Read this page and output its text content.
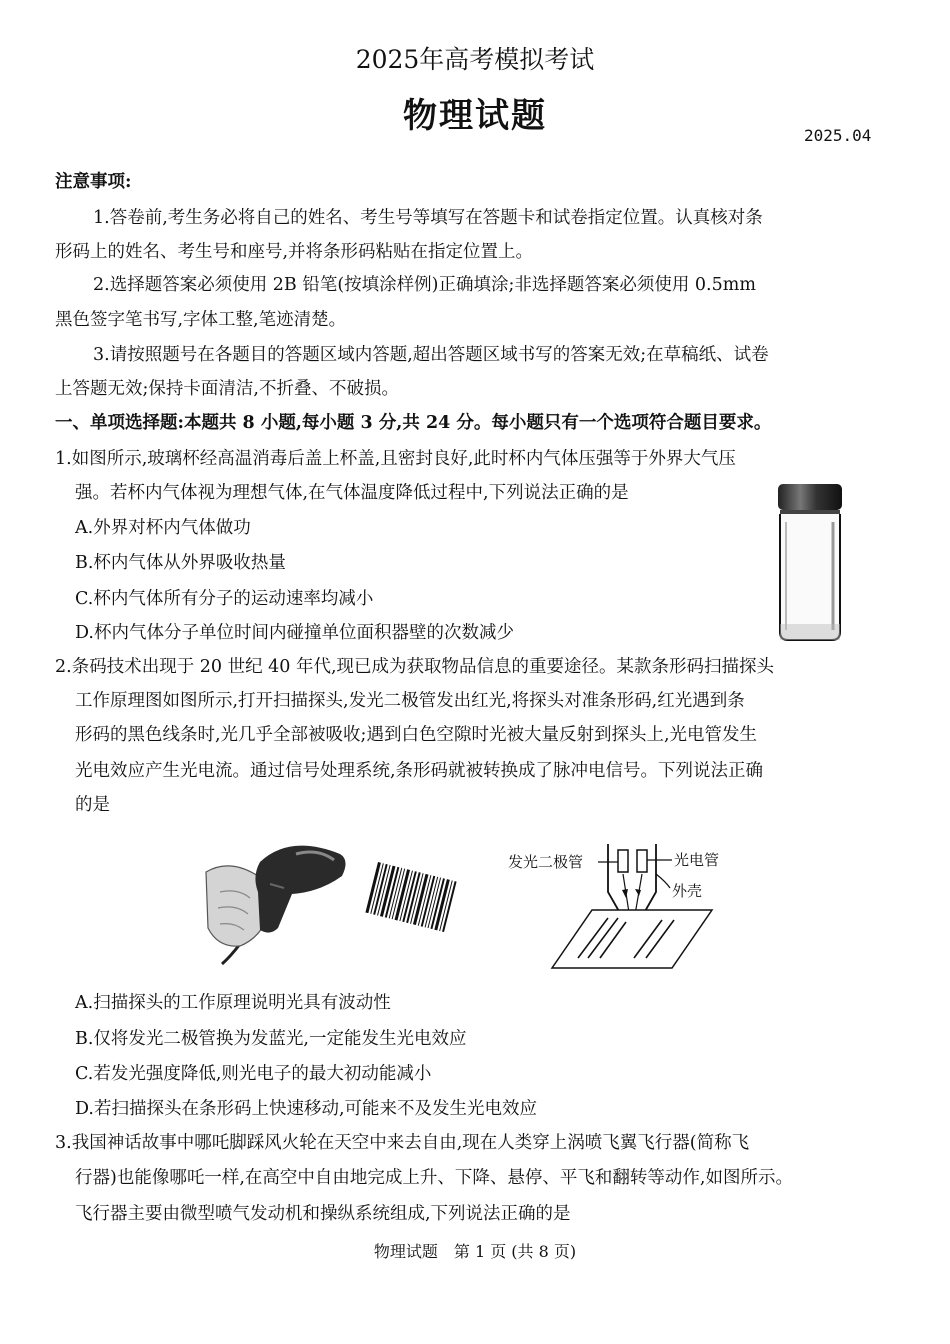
2025年高考模拟考试
物理试题	2025.04
注意事项:
1.答卷前,考生务必将自己的姓名、考生号等填写在答题卡和试卷指定位置。认真核对条
形码上的姓名、考生号和座号,并将条形码粘贴在指定位置上。
2.选择题答案必须使用 2B 铅笔(按填涂样例)正确填涂;非选择题答案必须使用 0.5mm
黑色签字笔书写,字体工整,笔迹清楚。
3.请按照题号在各题目的答题区域内答题,超出答题区域书写的答案无效;在草稿纸、试卷
上答题无效;保持卡面清洁,不折叠、不破损。
一、单项选择题:本题共 8 小题,每小题 3 分,共 24 分。每小题只有一个选项符合题目要求。
1.如图所示,玻璃杯经高温消毒后盖上杯盖,且密封良好,此时杯内气体压强等于外界大气压
强。若杯内气体视为理想气体,在气体温度降低过程中,下列说法正确的是
A.外界对杯内气体做功
B.杯内气体从外界吸收热量
C.杯内气体所有分子的运动速率均减小
D.杯内气体分子单位时间内碰撞单位面积器壁的次数减少
2.条码技术出现于 20 世纪 40 年代,现已成为获取物品信息的重要途径。某款条形码扫描探头
工作原理图如图所示,打开扫描探头,发光二极管发出红光,将探头对准条形码,红光遇到条
形码的黑色线条时,光几乎全部被吸收;遇到白色空隙时光被大量反射到探头上,光电管发生
光电效应产生光电流。通过信号处理系统,条形码就被转换成了脉冲电信号。下列说法正确
的是
发光二极管	光电管
外壳
A.扫描探头的工作原理说明光具有波动性
B.仅将发光二极管换为发蓝光,一定能发生光电效应
C.若发光强度降低,则光电子的最大初动能减小
D.若扫描探头在条形码上快速移动,可能来不及发生光电效应
3.我国神话故事中哪吒脚踩风火轮在天空中来去自由,现在人类穿上涡喷飞翼飞行器(简称飞
行器)也能像哪吒一样,在高空中自由地完成上升、下降、悬停、平飞和翻转等动作,如图所示。
飞行器主要由微型喷气发动机和操纵系统组成,下列说法正确的是
物理试题　第 1 页 (共 8 页)
